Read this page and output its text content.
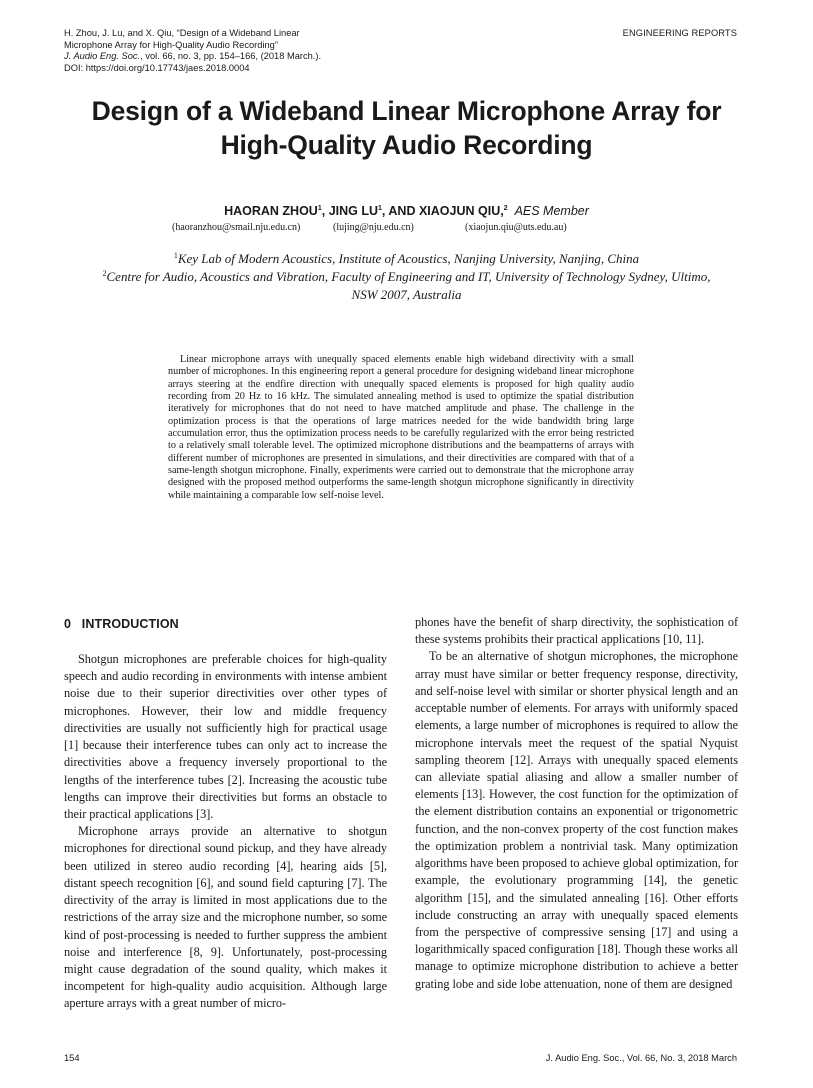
H. Zhou, J. Lu, and X. Qiu, “Design of a Wideband Linear
Microphone Array for High-Quality Audio Recording”
J. Audio Eng. Soc., vol. 66, no. 3, pp. 154–166, (2018 March.).
DOI: https://doi.org/10.17743/jaes.2018.0004
ENGINEERING REPORTS
Design of a Wideband Linear Microphone Array for
High-Quality Audio Recording
HAORAN ZHOU$^1$, JING $LU^1$, AND XIAOJUN QIU,$^2$ AES Member
(haoranzhou@smail.nju.edu.cn)	(lujing@nju.edu.cn)	(xiaojun.qiu@uts.edu.au)
$^1$Key Lab of Modern Acoustics, Institute of Acoustics, Nanjing University, Nanjing, China
$^2$Centre for Audio, Acoustics and Vibration, Faculty of Engineering and IT, University of Technology Sydney, Ultimo,
NSW 2007, Australia

Linear microphone arrays with unequally spaced elements enable high wideband directivity with a small number of microphones. In this engineering report a general procedure for designing wideband linear microphone arrays steering at the endfire direction with unequally spaced elements is proposed for high quality audio recording from 20 Hz to 16 kHz. The simulated annealing method is used to optimize the spatial distribution iteratively for microphones that do not need to have matched amplitude and phase. The challenge in the optimization process is that the operations of large matrices needed for the wide bandwidth bring large accumulation error, thus the optimization process needs to be carefully regularized with the error being restricted to a relatively small tolerable level. The optimized microphone distributions and the beampatterns of arrays with different number of microphones are presented in simulations, and their directivities are compared with that of a same-length shotgun microphone. Finally, experiments were carried out to demonstrate that the microphone array designed with the proposed method outperforms the same-length shotgun microphone significantly in directivity while maintaining a comparable low self-noise level.

0   INTRODUCTION

Shotgun microphones are preferable choices for high-quality speech and audio recording in environments with intense ambient noise due to their superior directivities over other types of microphones. However, their low and middle frequency directivities are usually not sufficiently high for practical usage [1] because their interference tubes can only act to increase the directivities above a frequency inversely proportional to the lengths of the interference tubes [2]. Increasing the acoustic tube lengths can improve their directivities but forms an obstacle to their practical applications [3].

Microphone arrays provide an alternative to shotgun microphones for directional sound pickup, and they have already been utilized in stereo audio recording [4], hearing aids [5], distant speech recognition [6], and sound field capturing [7]. The directivity of the array is limited in most applications due to the restrictions of the array size and the microphone number, so some kind of post-processing is needed to further suppress the ambient noise and interference [8, 9]. Unfortunately, post-processing might cause degradation of the sound quality, which makes it incompetent for high-quality audio acquisition. Although large aperture arrays with a great number of micro-

phones have the benefit of sharp directivity, the sophistication of these systems prohibits their practical applications [10, 11].

To be an alternative of shotgun microphones, the microphone array must have similar or better frequency response, directivity, and self-noise level with similar or shorter physical length and an acceptable number of elements. For arrays with uniformly spaced elements, a large number of microphones is required to allow the microphone intervals meet the request of the spatial Nyquist sampling theorem [12]. Arrays with unequally spaced elements can alleviate spatial aliasing and allow a smaller number of elements [13]. However, the cost function for the optimization of the element distribution contains an exponential or trigonometric function, and the non-convex property of the cost function makes the optimization problem a nontrivial task. Many optimization algorithms have been proposed to achieve global optimization, for example, the evolutionary programming [14], the genetic algorithm [15], and the simulated annealing [16]. Other efforts include constructing an array with unequally spaced elements from the perspective of compressive sensing [17] and using a logarithmically spaced configuration [18]. Though these works all manage to optimize microphone distribution to achieve a better grating lobe and side lobe attenuation, none of them are designed

154	J. Audio Eng. Soc., Vol. 66, No. 3, 2018 March
